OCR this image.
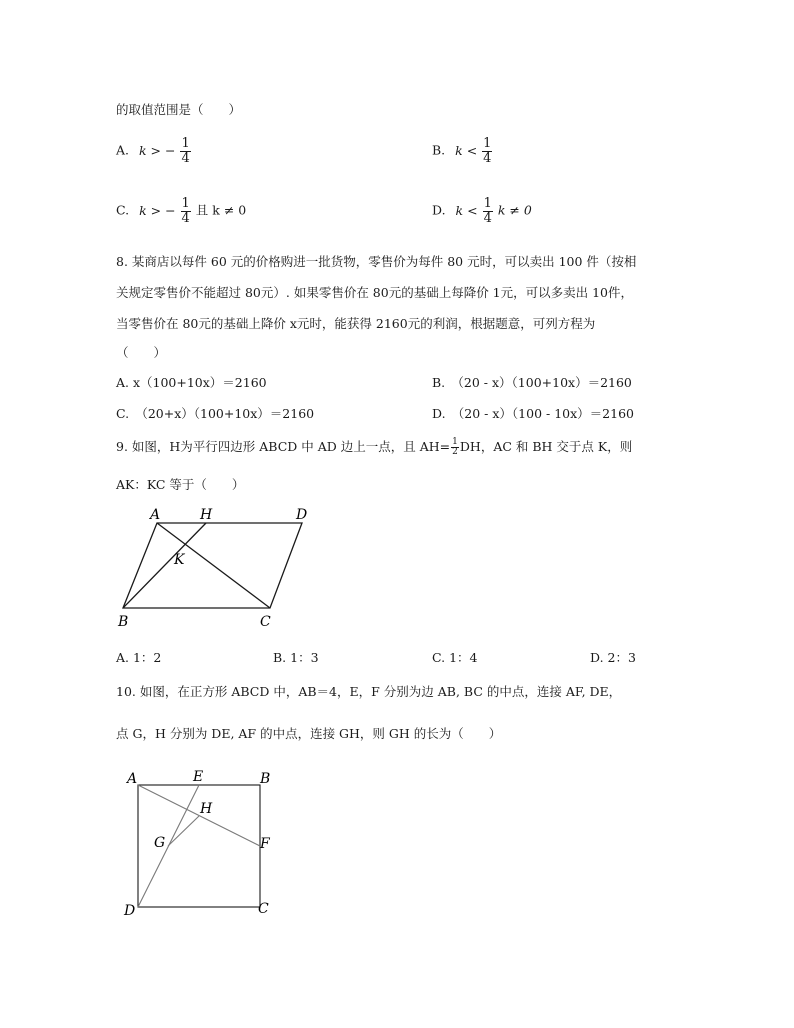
的取值范围是（　　）
A. k > − $\frac{1}{4}$	B. $k < \frac{1}{4}$
C. k > − $\frac{1}{4}$ 且 k ≠ 0	D. $k < \frac{1}{4}$ k ≠ 0
8. 某商店以每件 60 元的价格购进一批货物，零售价为每件 80 元时，可以卖出 100 件（按相
关规定零售价不能超过 80元）. 如果零售价在 80元的基础上每降价 1元，可以多卖出 10件，
当零售价在 80元的基础上降价 x元时，能获得 2160元的利润，根据题意，可列方程为
（　　）
A. x（100+10x）＝2160	B.　（20 - x）（100+10x）＝2160
C.　（20+x）（100+10x）＝2160	D.　（20 - x）（100 - 10x）＝2160
9. 如图，H为平行四边形 ABCD 中 AD 边上一点，且 $AH= \frac{1}{2}$ DH，AC 和 BH 交于点 K，则
AK：KC 等于（　　）
A	H	D
K
B	C
A. 1：2	B. 1：3	C. 1：4	D. 2：3
10. 如图，在正方形 ABCD 中，AB＝4，E，F 分别为边 AB, BC 的中点，连接 AF, DE，
点 G，H 分别为 DE, AF 的中点，连接 GH，则 GH 的长为（　　）
A	E	B
H
G	F
D	C
